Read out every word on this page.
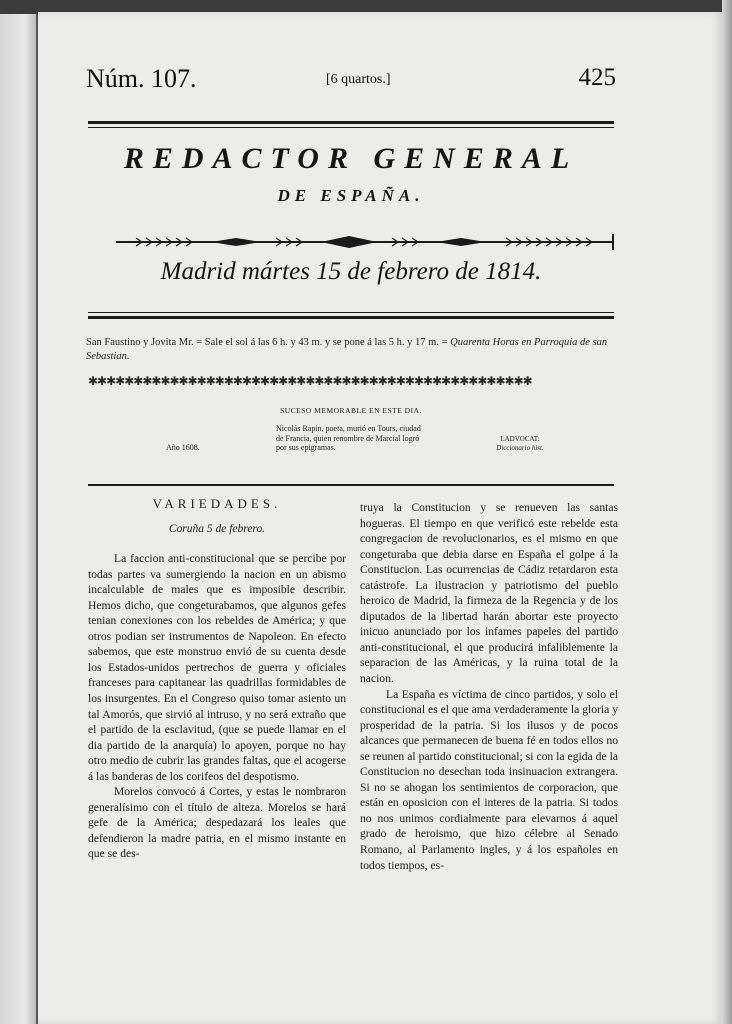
Núm. 107.	[6 quartos.]	425
REDACTOR GENERAL
DE ESPAÑA.
Madrid mártes 15 de febrero de 1814.
San Faustino y Jovita Mr. = Sale el sol á las 6 h. y 43 m. y se pone á las 5 h. y 17 m. = Quarenta Horas en Parroquia de san Sebastian.
✱✱✱✱✱✱✱✱✱✱✱✱✱✱✱✱✱✱✱✱✱✱✱✱✱✱✱✱✱✱✱✱✱✱✱✱✱✱✱✱✱✱✱✱✱✱✱✱✱
SUCESO MEMORABLE EN ESTE DIA.
Año 1608.
Nicolás Rapin, poeta, murió en Tours, ciudad de Francia, quien renombre de Marcial logró por sus epigramas.
LADVOCAT:
Diccionario hist.

VARIEDADES.

Coruña 5 de febrero.

La faccion anti-constitucional que se percibe por todas partes va sumergiendo la nacion en un abismo incalculable de males que es imposible describir. Hemos dicho, que congeturabamos, que algunos gefes tenian conexiones con los rebeldes de América; y que otros podian ser instrumentos de Napoleon. En efecto sabemos, que este monstruo envió de su cuenta desde los Estados-unidos pertrechos de guerra y oficiales franceses para capitanear las quadrillas formidables de los insurgentes. En el Congreso quiso tomar asiento un tal Amorós, que sirvió al intruso, y no será extraño que el partido de la esclavitud, (que se puede llamar en el dia partido de la anarquía) lo apoyen, porque no hay otro medio de cubrir las grandes faltas, que el acogerse á las banderas de los corifeos del despotismo.

Morelos convocó á Cortes, y estas le nombraron generalísimo con el título de alteza. Morelos se hará gefe de la América; despedazará los leales que defendieron la madre patria, en el mismo instante en que se des-

truya la Constitucion y se renueven las santas hogueras. El tiempo en que verificó este rebelde esta congregacion de revolucionarios, es el mismo en que congeturaba que debia darse en España el golpe á la Constitucion. Las ocurrencias de Cádiz retardaron esta catástrofe. La ilustracion y patriotismo del pueblo heroico de Madrid, la firmeza de la Regencia y de los diputados de la libertad harán abortar este proyecto inicuo anunciado por los infames papeles del partido anti-constitucional, el que producirá infaliblemente la separacion de las Américas, y la ruina total de la nacion.

La España es víctima de cinco partidos, y solo el constitucional es el que ama verdaderamente la gloria y prosperidad de la patria. Si los ilusos y de pocos alcances que permanecen de buena fé en todos ellos no se reunen al partido constitucional; si con la egida de la Constitucion no desechan toda insinuacion extrangera. Si no se ahogan los sentimientos de corporacion, que están en oposicion con el interes de la patria. Si todos no nos unimos cordialmente para elevarnos á aquel grado de heroismo, que hizo célebre al Senado Romano, al Parlamento ingles, y á los españoles en todos tiempos, es-
